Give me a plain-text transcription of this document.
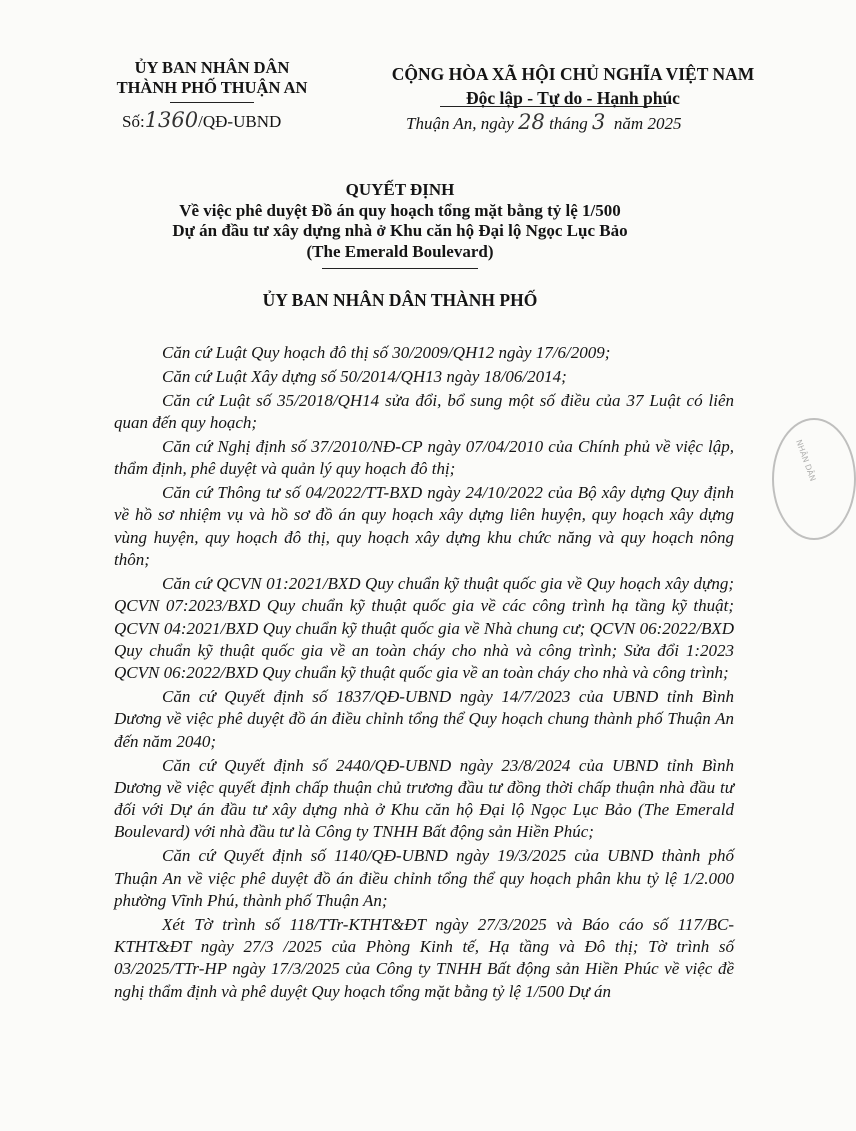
ỦY BAN NHÂN DÂN
THÀNH PHỐ THUẬN AN
Số:1360/QĐ-UBND
CỘNG HÒA XÃ HỘI CHỦ NGHĨA VIỆT NAM
Độc lập - Tự do - Hạnh phúc
Thuận An, ngày 28 tháng 3 năm 2025
QUYẾT ĐỊNH
Về việc phê duyệt Đồ án quy hoạch tổng mặt bằng tỷ lệ 1/500
Dự án đầu tư xây dựng nhà ở Khu căn hộ Đại lộ Ngọc Lục Bảo
(The Emerald Boulevard)
ỦY BAN NHÂN DÂN THÀNH PHỐ

Căn cứ Luật Quy hoạch đô thị số 30/2009/QH12 ngày 17/6/2009;

Căn cứ Luật Xây dựng số 50/2014/QH13 ngày 18/06/2014;

Căn cứ Luật số 35/2018/QH14 sửa đổi, bổ sung một số điều của 37 Luật có liên quan đến quy hoạch;

Căn cứ Nghị định số 37/2010/NĐ-CP ngày 07/04/2010 của Chính phủ về việc lập, thẩm định, phê duyệt và quản lý quy hoạch đô thị;

Căn cứ Thông tư số 04/2022/TT-BXD ngày 24/10/2022 của Bộ xây dựng Quy định về hồ sơ nhiệm vụ và hồ sơ đồ án quy hoạch xây dựng liên huyện, quy hoạch xây dựng vùng huyện, quy hoạch đô thị, quy hoạch xây dựng khu chức năng và quy hoạch nông thôn;

Căn cứ QCVN 01:2021/BXD Quy chuẩn kỹ thuật quốc gia về Quy hoạch xây dựng; QCVN 07:2023/BXD Quy chuẩn kỹ thuật quốc gia về các công trình hạ tầng kỹ thuật; QCVN 04:2021/BXD Quy chuẩn kỹ thuật quốc gia về Nhà chung cư; QCVN 06:2022/BXD Quy chuẩn kỹ thuật quốc gia về an toàn cháy cho nhà và công trình; Sửa đổi 1:2023 QCVN 06:2022/BXD Quy chuẩn kỹ thuật quốc gia về an toàn cháy cho nhà và công trình;

Căn cứ Quyết định số 1837/QĐ-UBND ngày 14/7/2023 của UBND tỉnh Bình Dương về việc phê duyệt đồ án điều chỉnh tổng thể Quy hoạch chung thành phố Thuận An đến năm 2040;

Căn cứ Quyết định số 2440/QĐ-UBND ngày 23/8/2024 của UBND tỉnh Bình Dương về việc quyết định chấp thuận chủ trương đầu tư đồng thời chấp thuận nhà đầu tư đối với Dự án đầu tư xây dựng nhà ở Khu căn hộ Đại lộ Ngọc Lục Bảo (The Emerald Boulevard) với nhà đầu tư là Công ty TNHH Bất động sản Hiền Phúc;

Căn cứ Quyết định số 1140/QĐ-UBND ngày 19/3/2025 của UBND thành phố Thuận An về việc phê duyệt đồ án điều chỉnh tổng thể quy hoạch phân khu tỷ lệ 1/2.000 phường Vĩnh Phú, thành phố Thuận An;

Xét Tờ trình số 118/TTr-KTHT&ĐT ngày 27/3/2025 và Báo cáo số 117/BC-KTHT&ĐT ngày 27/3 /2025 của Phòng Kinh tế, Hạ tầng và Đô thị; Tờ trình số 03/2025/TTr-HP ngày 17/3/2025 của Công ty TNHH Bất động sản Hiền Phúc về việc đề nghị thẩm định và phê duyệt Quy hoạch tổng mặt bằng tỷ lệ 1/500 Dự án

NHÂN DÂN
